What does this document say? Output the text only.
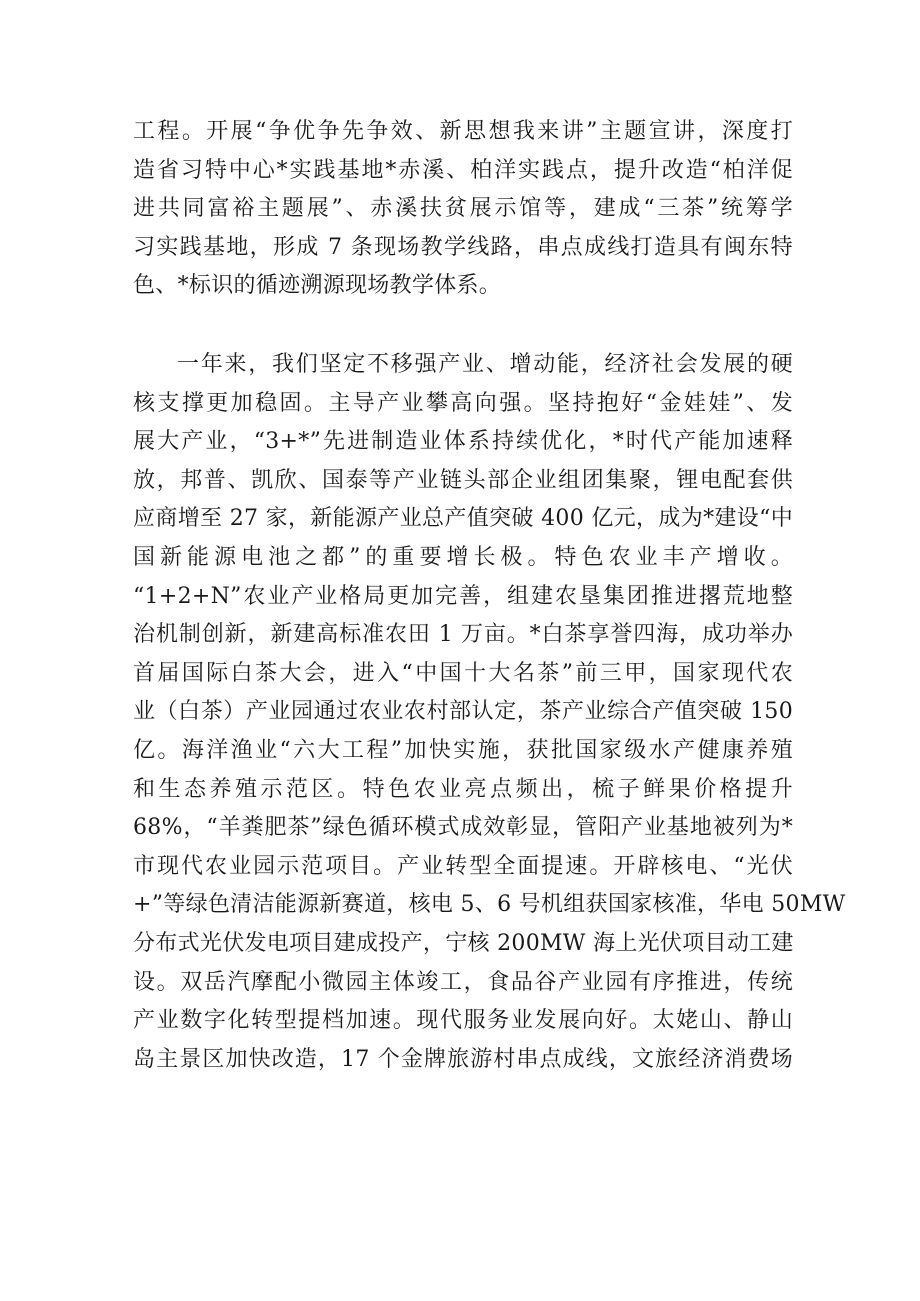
工程。开展“争优争先争效、新思想我来讲”主题宣讲，深度打
造省习特中心*实践基地*赤溪、柏洋实践点，提升改造“柏洋促
进共同富裕主题展”、赤溪扶贫展示馆等，建成“三茶”统筹学
习实践基地，形成 7 条现场教学线路，串点成线打造具有闽东特
色、*标识的循迹溯源现场教学体系。
一年来，我们坚定不移强产业、增动能，经济社会发展的硬
核支撑更加稳固。主导产业攀高向强。坚持抱好“金娃娃”、发
展大产业，“3+*”先进制造业体系持续优化，*时代产能加速释
放，邦普、凯欣、国泰等产业链头部企业组团集聚，锂电配套供
应商增至 27 家，新能源产业总产值突破 400 亿元，成为*建设“中
国新能源电池之都”的重要增长极。特色农业丰产增收。
“1+2+N”农业产业格局更加完善，组建农垦集团推进撂荒地整
治机制创新，新建高标准农田 1 万亩。*白茶享誉四海，成功举办
首届国际白茶大会，进入“中国十大名茶”前三甲，国家现代农
业（白茶）产业园通过农业农村部认定，茶产业综合产值突破 150
亿。海洋渔业“六大工程”加快实施，获批国家级水产健康养殖
和生态养殖示范区。特色农业亮点频出，梳子鲜果价格提升
68%，“羊粪肥茶”绿色循环模式成效彰显，管阳产业基地被列为*
市现代农业园示范项目。产业转型全面提速。开辟核电、“光伏
+”等绿色清洁能源新赛道，核电 5、6 号机组获国家核准，华电 50MW
分布式光伏发电项目建成投产，宁核 200MW 海上光伏项目动工建
设。双岳汽摩配小微园主体竣工，食品谷产业园有序推进，传统
产业数字化转型提档加速。现代服务业发展向好。太姥山、静山
岛主景区加快改造，17 个金牌旅游村串点成线，文旅经济消费场
